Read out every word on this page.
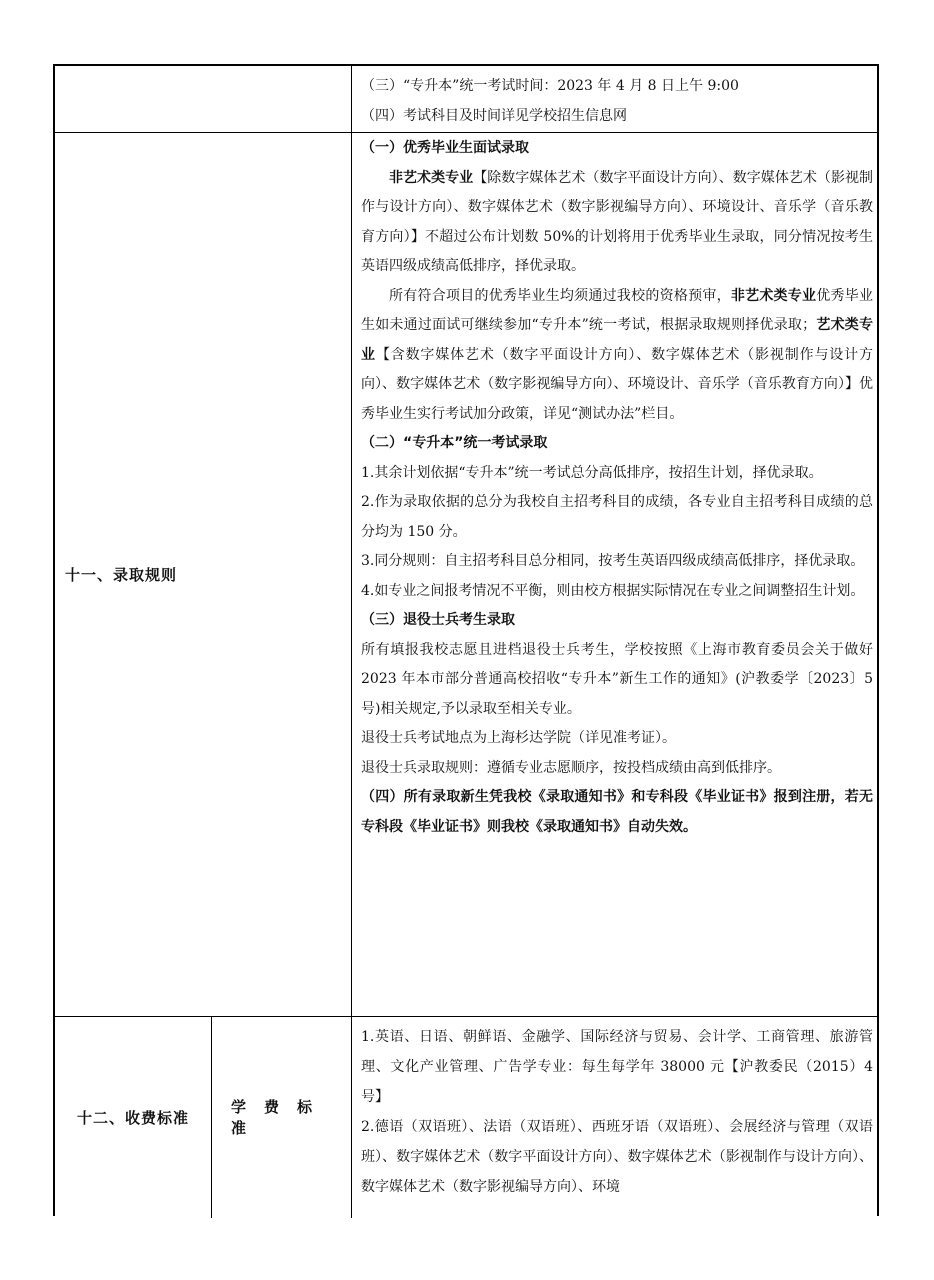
（三）“专升本”统一考试时间：2023 年 4 月 8 日上午 9:00

（四）考试科目及时间详见学校招生信息网

十一、录取规则

（一）优秀毕业生面试录取

非艺术类专业【除数字媒体艺术（数字平面设计方向）、数字媒体艺术（影视制作与设计方向）、数字媒体艺术（数字影视编导方向）、环境设计、音乐学（音乐教育方向）】不超过公布计划数 50%的计划将用于优秀毕业生录取，同分情况按考生英语四级成绩高低排序，择优录取。

所有符合项目的优秀毕业生均须通过我校的资格预审，非艺术类专业优秀毕业生如未通过面试可继续参加“专升本”统一考试，根据录取规则择优录取；艺术类专业【含数字媒体艺术（数字平面设计方向）、数字媒体艺术（影视制作与设计方向）、数字媒体艺术（数字影视编导方向）、环境设计、音乐学（音乐教育方向）】优秀毕业生实行考试加分政策，详见“测试办法”栏目。

（二）“专升本”统一考试录取

1.其余计划依据“专升本”统一考试总分高低排序，按招生计划，择优录取。

2.作为录取依据的总分为我校自主招考科目的成绩，各专业自主招考科目成绩的总分均为 150 分。

3.同分规则：自主招考科目总分相同，按考生英语四级成绩高低排序，择优录取。

4.如专业之间报考情况不平衡，则由校方根据实际情况在专业之间调整招生计划。

（三）退役士兵考生录取

所有填报我校志愿且进档退役士兵考生，学校按照《上海市教育委员会关于做好 2023 年本市部分普通高校招收“专升本”新生工作的通知》(沪教委学〔2023〕5 号)相关规定,予以录取至相关专业。

退役士兵考试地点为上海杉达学院（详见准考证）。

退役士兵录取规则：遵循专业志愿顺序，按投档成绩由高到低排序。

（四）所有录取新生凭我校《录取通知书》和专科段《毕业证书》报到注册，若无专科段《毕业证书》则我校《录取通知书》自动失效。

十二、收费标准
学费标准

1.英语、日语、朝鲜语、金融学、国际经济与贸易、会计学、工商管理、旅游管理、文化产业管理、广告学专业：每生每学年 38000 元【沪教委民（2015）4 号】

2.德语（双语班）、法语（双语班）、西班牙语（双语班）、会展经济与管理（双语班）、数字媒体艺术（数字平面设计方向）、数字媒体艺术（影视制作与设计方向）、数字媒体艺术（数字影视编导方向）、环境
